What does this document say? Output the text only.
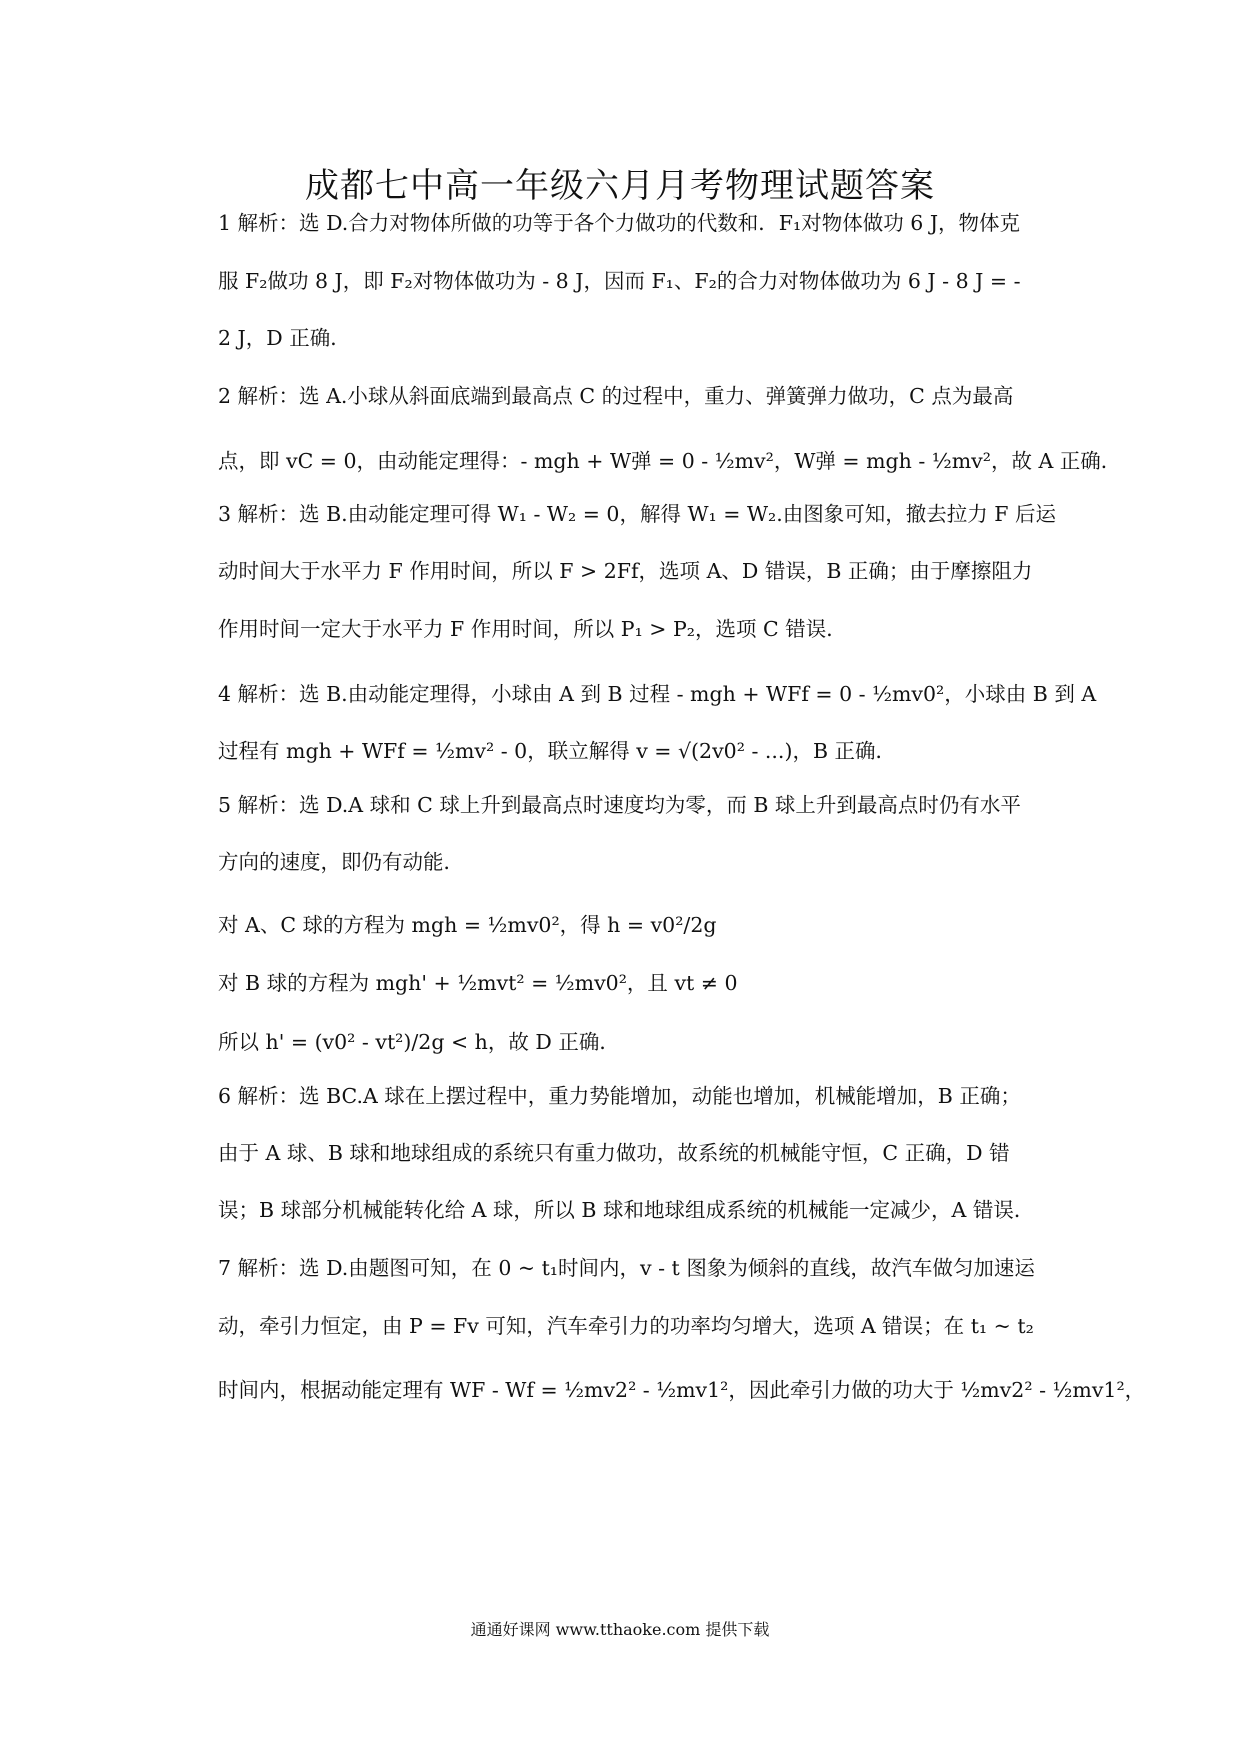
成都七中高一年级六月月考物理试题答案
1 解析：选 D.合力对物体所做的功等于各个力做功的代数和．F₁对物体做功 6 J，物体克
服 F₂做功 8 J，即 F₂对物体做功为 - 8 J，因而 F₁、F₂的合力对物体做功为 6 J - 8 J = -
2 J，D 正确．
2 解析：选 A.小球从斜面底端到最高点 C 的过程中，重力、弹簧弹力做功，C 点为最高
点，即 vC = 0，由动能定理得：- mgh + W弹 = 0 - ½mv²，W弹 = mgh - ½mv²，故 A 正确．
3 解析：选 B.由动能定理可得 W₁ - W₂ = 0，解得 W₁ = W₂.由图象可知，撤去拉力 F 后运
动时间大于水平力 F 作用时间，所以 F > 2Ff，选项 A、D 错误，B 正确；由于摩擦阻力
作用时间一定大于水平力 F 作用时间，所以 P₁ > P₂，选项 C 错误．
4 解析：选 B.由动能定理得，小球由 A 到 B 过程 - mgh + WFf = 0 - ½mv0²，小球由 B 到 A
过程有 mgh + WFf = ½mv² - 0，联立解得 v = √(2v0² - ...)，B 正确．
5 解析：选 D.A 球和 C 球上升到最高点时速度均为零，而 B 球上升到最高点时仍有水平
方向的速度，即仍有动能．
对 A、C 球的方程为 mgh = ½mv0²，得 h = v0²/2g
对 B 球的方程为 mgh' + ½mvt² = ½mv0²，且 vt ≠ 0
所以 h' = (v0² - vt²)/2g < h，故 D 正确．
6 解析：选 BC.A 球在上摆过程中，重力势能增加，动能也增加，机械能增加，B 正确；
由于 A 球、B 球和地球组成的系统只有重力做功，故系统的机械能守恒，C 正确，D 错
误；B 球部分机械能转化给 A 球，所以 B 球和地球组成系统的机械能一定减少，A 错误．
7 解析：选 D.由题图可知，在 0 ~ t₁时间内，v - t 图象为倾斜的直线，故汽车做匀加速运
动，牵引力恒定，由 P = Fv 可知，汽车牵引力的功率均匀增大，选项 A 错误；在 t₁ ~ t₂
时间内，根据动能定理有 WF - Wf = ½mv2² - ½mv1²，因此牵引力做的功大于 ½mv2² - ½mv1²，
通通好课网 www.tthaoke.com 提供下载
